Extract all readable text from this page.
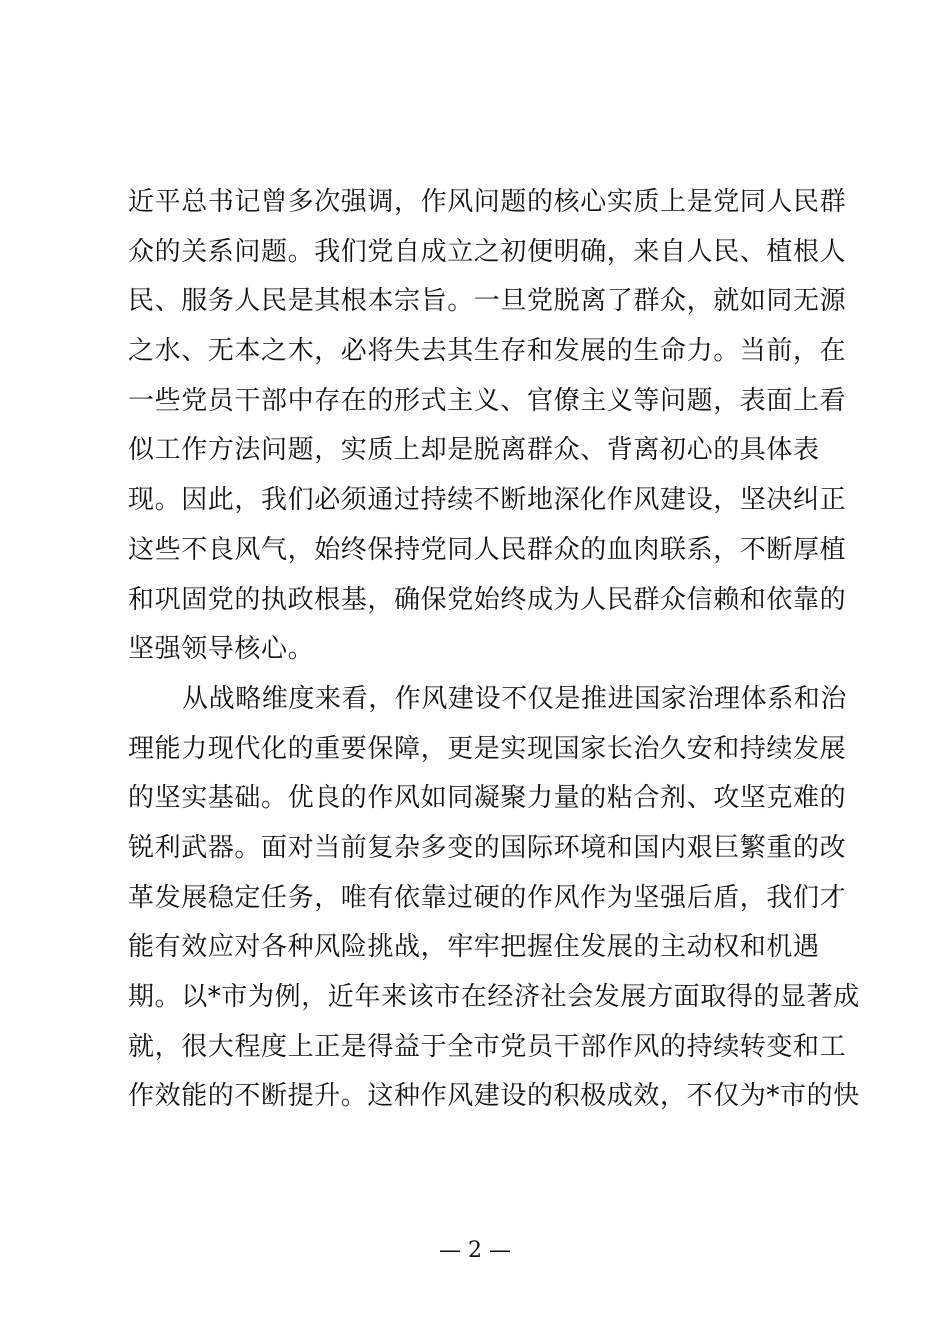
近平总书记曾多次强调，作风问题的核心实质上是党同人民群
众的关系问题。我们党自成立之初便明确，来自人民、植根人
民、服务人民是其根本宗旨。一旦党脱离了群众，就如同无源
之水、无本之木，必将失去其生存和发展的生命力。当前，在
一些党员干部中存在的形式主义、官僚主义等问题，表面上看
似工作方法问题，实质上却是脱离群众、背离初心的具体表
现。因此，我们必须通过持续不断地深化作风建设，坚决纠正
这些不良风气，始终保持党同人民群众的血肉联系，不断厚植
和巩固党的执政根基，确保党始终成为人民群众信赖和依靠的
坚强领导核心。
从战略维度来看，作风建设不仅是推进国家治理体系和治
理能力现代化的重要保障，更是实现国家长治久安和持续发展
的坚实基础。优良的作风如同凝聚力量的粘合剂、攻坚克难的
锐利武器。面对当前复杂多变的国际环境和国内艰巨繁重的改
革发展稳定任务，唯有依靠过硬的作风作为坚强后盾，我们才
能有效应对各种风险挑战，牢牢把握住发展的主动权和机遇
期。以*市为例，近年来该市在经济社会发展方面取得的显著成
就，很大程度上正是得益于全市党员干部作风的持续转变和工
作效能的不断提升。这种作风建设的积极成效，不仅为*市的快
— 2 —
